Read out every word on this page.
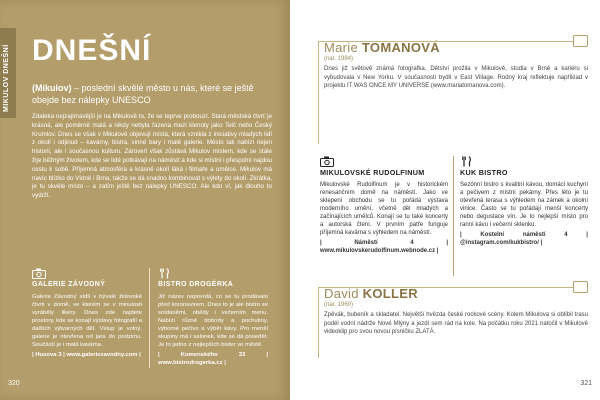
MIKULOV DNEŠNÍ DNEŠNÍ

(Mikulov) – poslední skvělé město u nás, které se ještě obejde bez nálepky UNESCO

Zdaleka nejzajímavější je na Mikulově to, že se teprve probouzí. Stará městská čtvrť je krásná, ale poměrně malá a nikdy nebyla řazena mezi klenoty jako Telč nebo Český Krumlov. Dnes se však v Mikulově objevují místa, která vznikla z iniciativy mladých lidí z okolí i odjinud – kavárny, bistra, vinné bary i malé galerie. Město tak nabízí nejen historii, ale i současnou kulturu. Zároveň však zůstává Mikulov místem, kde se stále žije běžným životem, kde se lidé potkávají na náměstí a kde si místní i přespolní najdou cestu k sobě. Příjemná atmosféra a krásné okolí láká i filmaře a umělce. Mikulov má navíc blízko do Vídně i Brna, takže se dá snadno kombinovat s výlety do okolí. Zkrátka, je tu skvělé místo – a zatím ještě bez nálepky UNESCO. Ale kdo ví, jak dlouho to vydrží.

GALERIE ZÁVODNÝ

Galerie Závodný sídlí v bývalé židovské čtvrti v domě, ve kterém se v minulosti vyráběly likéry. Dnes zde najdete prostory, kde se konají výstavy fotografií a dalších výtvarných děl. Vstup je volný, galerie je otevřena od jara do podzimu. Součástí je i malá kavárna.

| Husova 3 | www.galeriezavodny.com |

BISTRO DROGÉRKA

Již název napovídá, co se tu prodávalo před koronavirem. Dnes to je ale bistro se snídaněmi, obědy i večerním menu. Nabízí různé dobroty a pochutiny, výborné pečivo a výběr kávy. Pro menší skupiny má i salonek, kde se dá posedět. Je to jedno z nejlepších bister ve městě.

| Komenského 33 | www.bistrodrogerka.cz |

320
Marie TOMANOVÁ
(nar. 1984)

Dnes již světově známá fotografka. Dětství prožila v Mikulově, studia v Brně a kariéru si vybudovala v New Yorku. V současnosti bydlí v East Village. Rodný kraj reflektuje například v projektu IT WAS ONCE MY UNIVERSE (www.mariatomanova.com).

MIKULOVSKÉ RUDOLFINUM

Mikulovské Rudolfinum je v historickém renesančním domě na náměstí. Jako ve sklepení obchodu se tu pořádá výstava moderního umění, včetně děl mladých a začínajících umělců. Konají se tu také koncerty a autorská čtení. V prvním patře funguje příjemná kavárna s výhledem na náměstí.

| Náměstí 4 | www.mikulovskerudolfinum.webnode.cz |

KUK BISTRO

Sezónní bistro s kvalitní kávou, domácí kuchyní a pečivem z místní pekárny. Přes léto je tu otevřená terasa s výhledem na zámek a okolní vinice. Často se tu pořádají menší koncerty nebo degustace vín. Je to nejlepší místo pro ranní kávu i večerní sklenku.

| Kostelní náměstí 4 | @instagram.com/kukbistro/ |

David KOLLER
(nar. 1960)

Zpěvák, bubeník a skladatel. Největší hvězda české rockové scény. Kolem Mikulova si oblíbil trasu podél vodní nádrže Nové Mlýny a jezdí sem rád na kole. Na počátku roku 2021 natočil v Mikulově videoklip pro svou novou písničku ZLATÁ.

321
